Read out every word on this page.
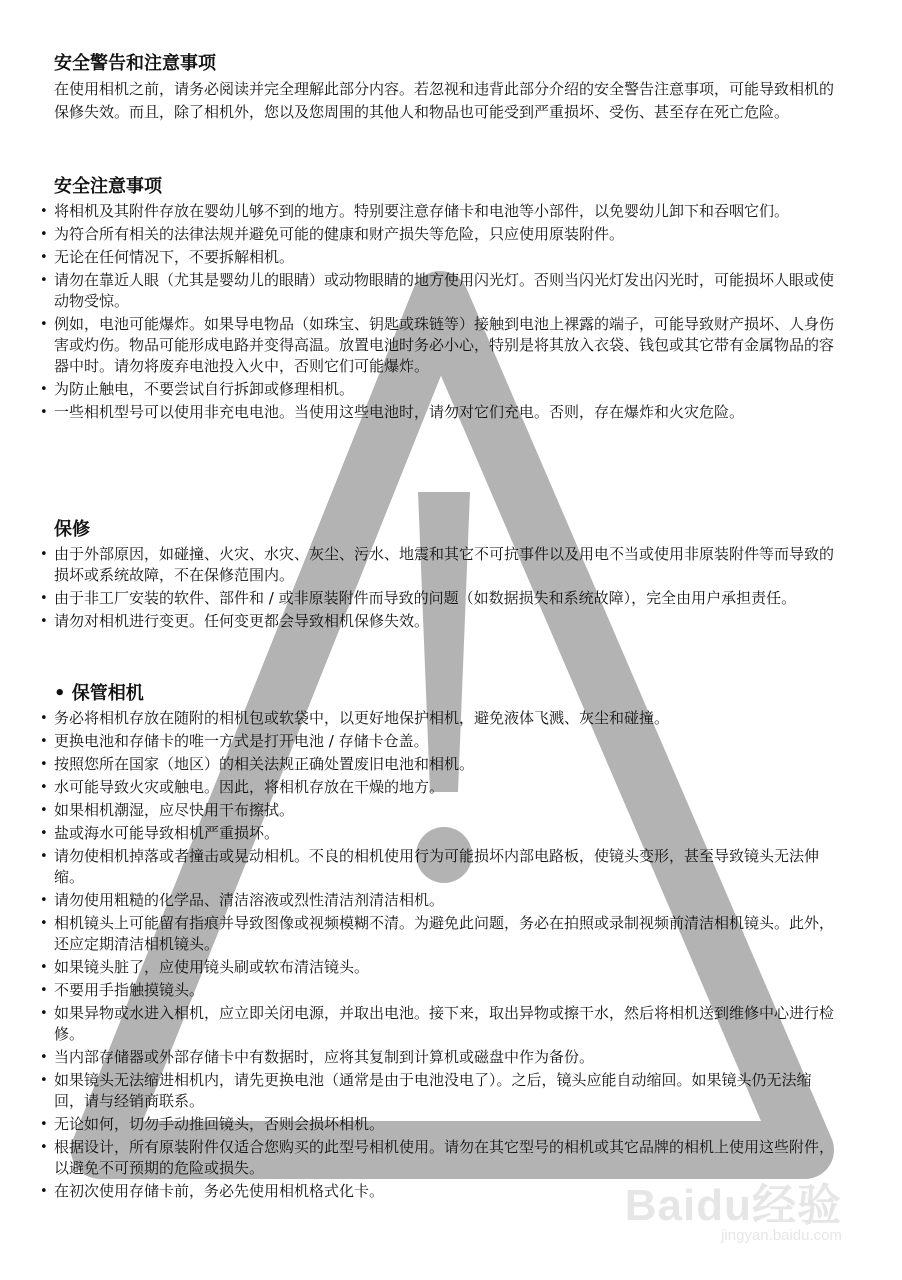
安全警告和注意事项

在使用相机之前，请务必阅读并完全理解此部分内容。若忽视和违背此部分介绍的安全警告注意事项，可能导致相机的保修失效。而且，除了相机外，您以及您周围的其他人和物品也可能受到严重损坏、受伤、甚至存在死亡危险。

安全注意事项
• 将相机及其附件存放在婴幼儿够不到的地方。特别要注意存储卡和电池等小部件，以免婴幼儿卸下和吞咽它们。
• 为符合所有相关的法律法规并避免可能的健康和财产损失等危险，只应使用原装附件。
• 无论在任何情况下，不要拆解相机。
• 请勿在靠近人眼（尤其是婴幼儿的眼睛）或动物眼睛的地方使用闪光灯。否则当闪光灯发出闪光时，可能损坏人眼或使动物受惊。
• 例如，电池可能爆炸。如果导电物品（如珠宝、钥匙或珠链等）接触到电池上裸露的端子，可能导致财产损坏、人身伤害或灼伤。物品可能形成电路并变得高温。放置电池时务必小心，特别是将其放入衣袋、钱包或其它带有金属物品的容器中时。请勿将废弃电池投入火中，否则它们可能爆炸。
• 为防止触电，不要尝试自行拆卸或修理相机。
• 一些相机型号可以使用非充电电池。当使用这些电池时，请勿对它们充电。否则，存在爆炸和火灾危险。
保修
• 由于外部原因，如碰撞、火灾、水灾、灰尘、污水、地震和其它不可抗事件以及用电不当或使用非原装附件等而导致的损坏或系统故障，不在保修范围内。
• 由于非工厂安装的软件、部件和 / 或非原装附件而导致的问题（如数据损失和系统故障），完全由用户承担责任。
• 请勿对相机进行变更。任何变更都会导致相机保修失效。
• 保管相机
• 务必将相机存放在随附的相机包或软袋中，以更好地保护相机，避免液体飞溅、灰尘和碰撞。
• 更换电池和存储卡的唯一方式是打开电池 / 存储卡仓盖。
• 按照您所在国家（地区）的相关法规正确处置废旧电池和相机。
• 水可能导致火灾或触电。因此，将相机存放在干燥的地方。
• 如果相机潮湿，应尽快用干布擦拭。
• 盐或海水可能导致相机严重损坏。
• 请勿使相机掉落或者撞击或晃动相机。不良的相机使用行为可能损坏内部电路板，使镜头变形，甚至导致镜头无法伸缩。
• 请勿使用粗糙的化学品、清洁溶液或烈性清洁剂清洁相机。
• 相机镜头上可能留有指痕并导致图像或视频模糊不清。为避免此问题，务必在拍照或录制视频前清洁相机镜头。此外，还应定期清洁相机镜头。
• 如果镜头脏了，应使用镜头刷或软布清洁镜头。
• 不要用手指触摸镜头。
• 如果异物或水进入相机，应立即关闭电源，并取出电池。接下来，取出异物或擦干水，然后将相机送到维修中心进行检修。
• 当内部存储器或外部存储卡中有数据时，应将其复制到计算机或磁盘中作为备份。
• 如果镜头无法缩进相机内，请先更换电池（通常是由于电池没电了）。之后，镜头应能自动缩回。如果镜头仍无法缩回，请与经销商联系。
• 无论如何，切勿手动推回镜头，否则会损坏相机。
• 根据设计，所有原装附件仅适合您购买的此型号相机使用。请勿在其它型号的相机或其它品牌的相机上使用这些附件，以避免不可预期的危险或损失。
• 在初次使用存储卡前，务必先使用相机格式化卡。	Baidu经验
jingyan.baidu.com
